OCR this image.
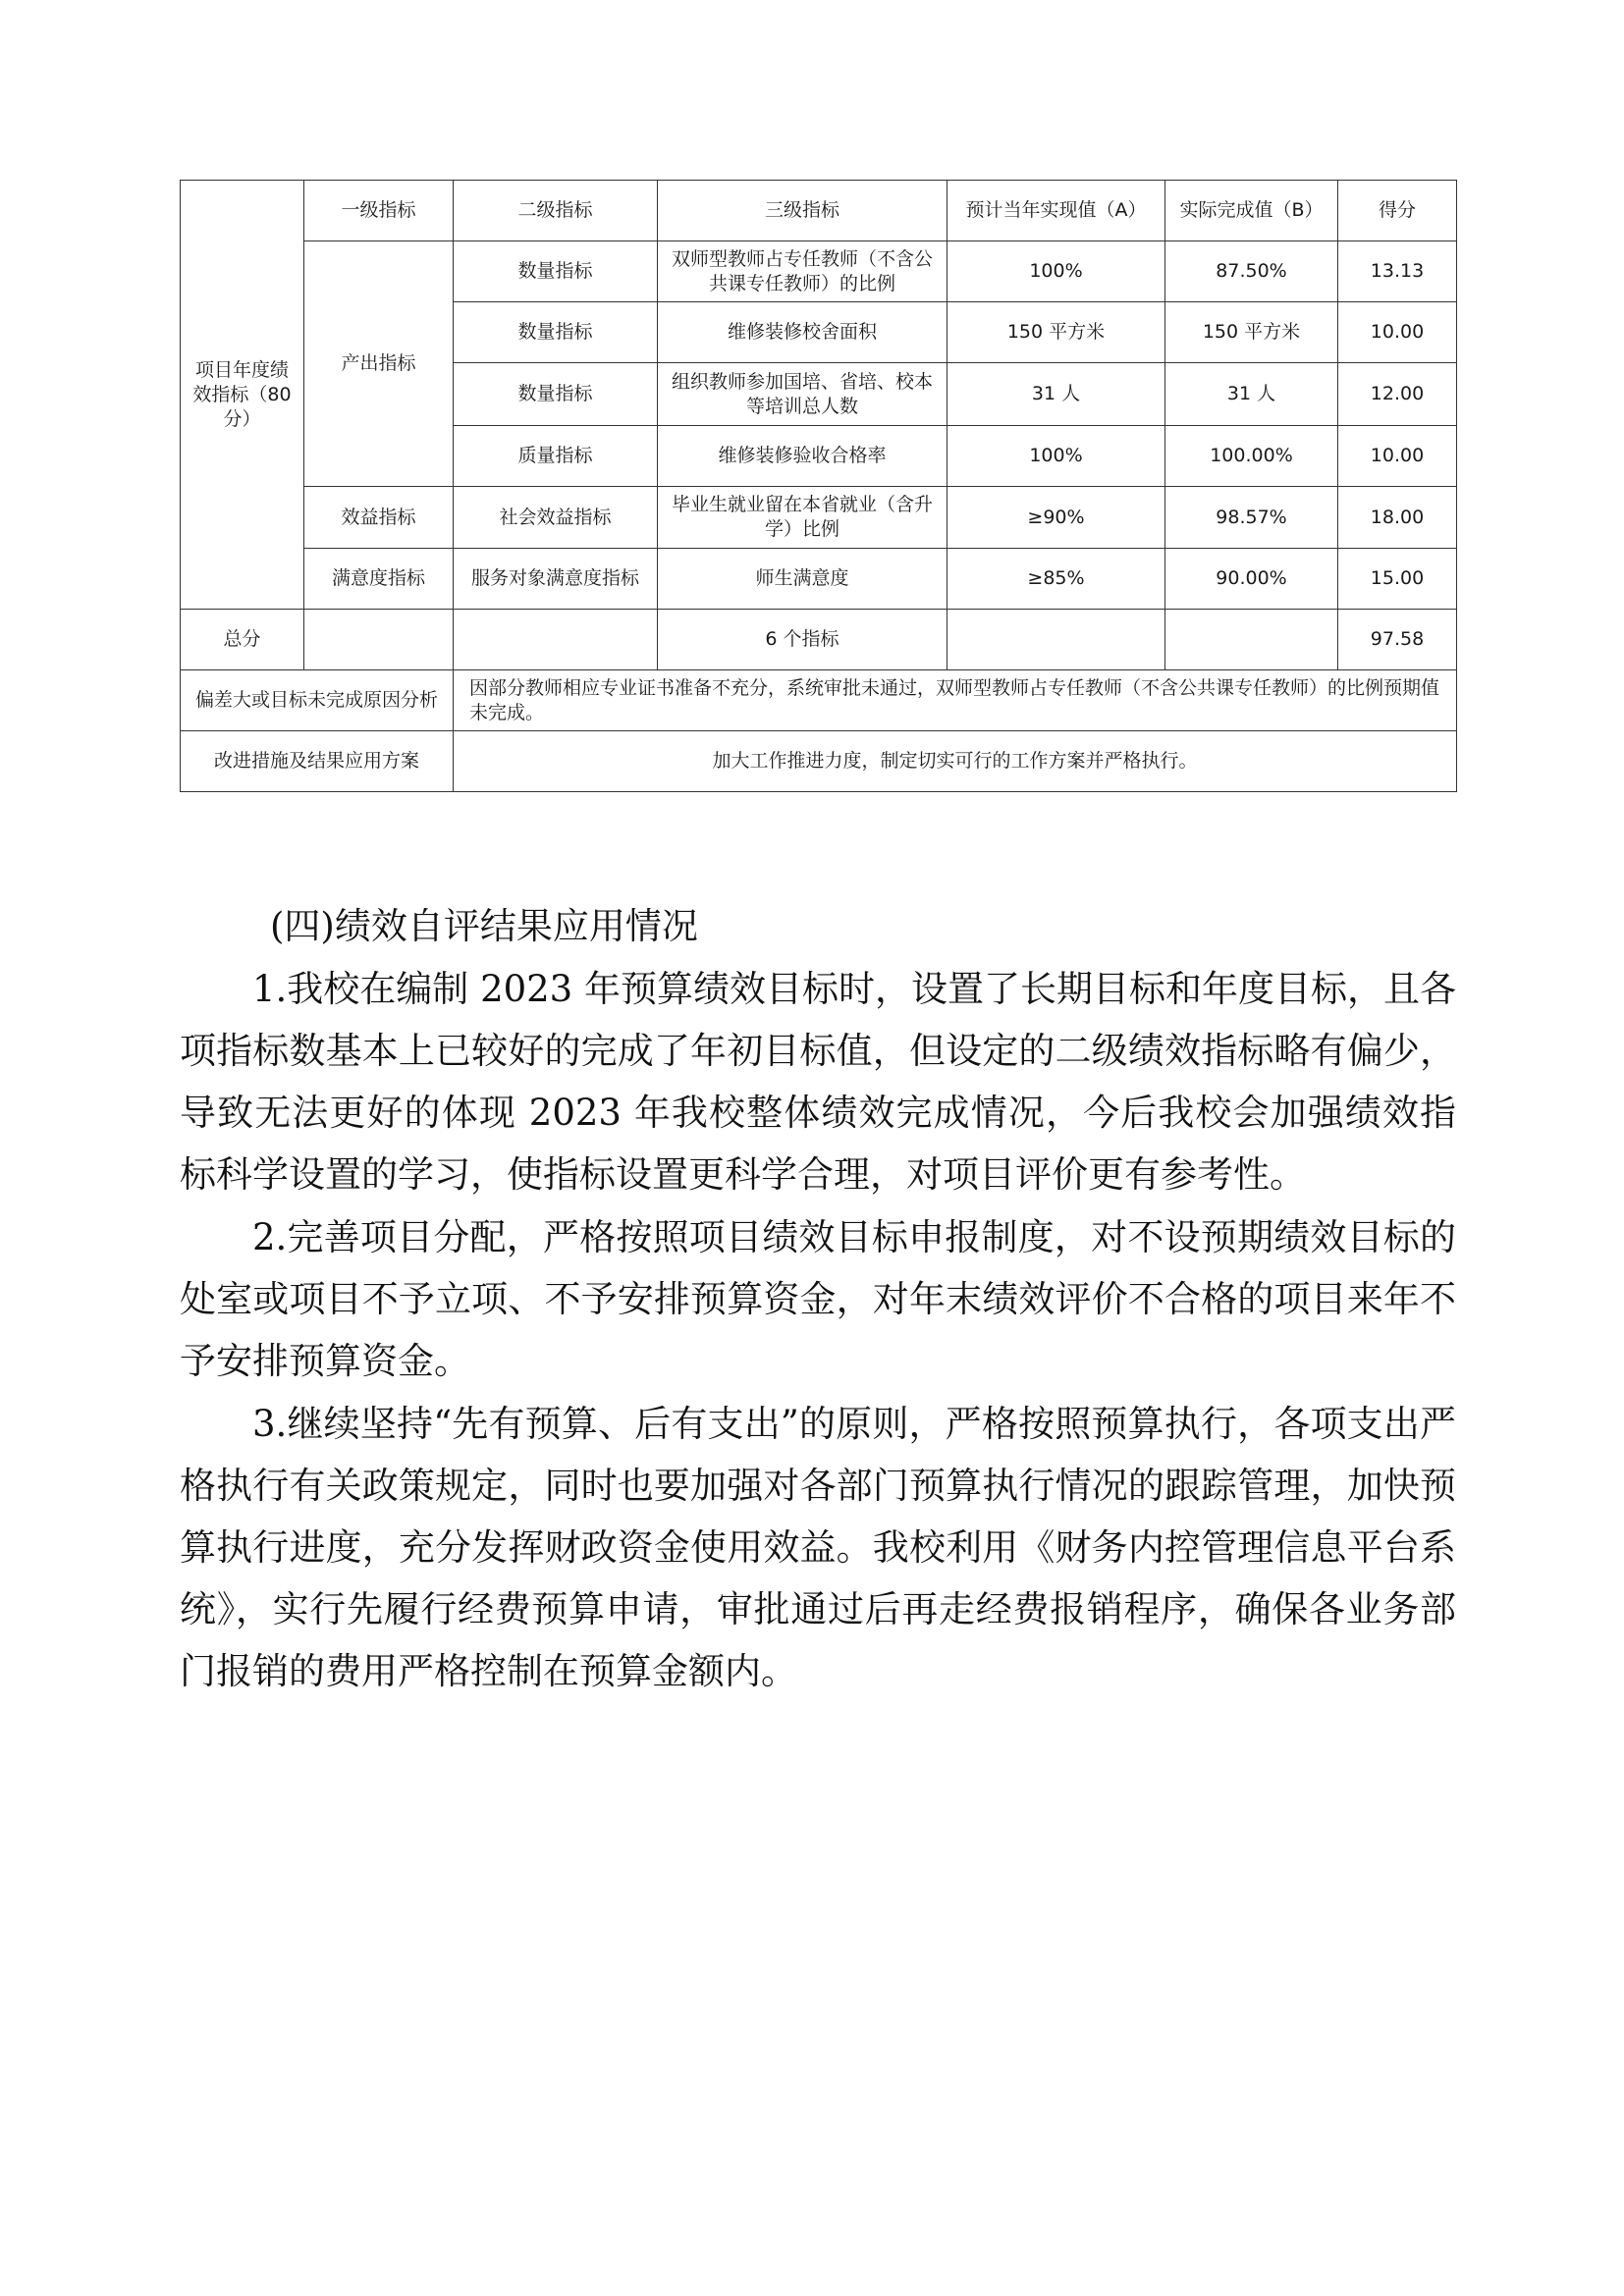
项目年度绩效指标（80分）	一级指标	二级指标	三级指标	预计当年实现值（A）	实际完成值（B）	得分
	产出指标	数量指标	双师型教师占专任教师（不含公共课专任教师）的比例	100%	87.50%	13.13
		数量指标	维修装修校舍面积	150 平方米	150 平方米	10.00
		数量指标	组织教师参加国培、省培、校本等培训总人数	31 人	31 人	12.00
		质量指标	维修装修验收合格率	100%	100.00%	10.00
	效益指标	社会效益指标	毕业生就业留在本省就业（含升学）比例	≥90%	98.57%	18.00
	满意度指标	服务对象满意度指标	师生满意度	≥85%	90.00%	15.00
总分			6 个指标			97.58
偏差大或目标未完成原因分析		因部分教师相应专业证书准备不充分，系统审批未通过，双师型教师占专任教师（不含公共课专任教师）的比例预期值未完成。				
改进措施及结果应用方案		加大工作推进力度，制定切实可行的工作方案并严格执行。				
(四)绩效自评结果应用情况

1.我校在编制 2023 年预算绩效目标时，设置了长期目标和年度目标，且各项指标数基本上已较好的完成了年初目标值，但设定的二级绩效指标略有偏少，导致无法更好的体现 2023 年我校整体绩效完成情况，今后我校会加强绩效指标科学设置的学习，使指标设置更科学合理，对项目评价更有参考性。

2.完善项目分配，严格按照项目绩效目标申报制度，对不设预期绩效目标的处室或项目不予立项、不予安排预算资金，对年末绩效评价不合格的项目来年不予安排预算资金。

3.继续坚持“先有预算、后有支出”的原则，严格按照预算执行，各项支出严格执行有关政策规定，同时也要加强对各部门预算执行情况的跟踪管理，加快预算执行进度，充分发挥财政资金使用效益。我校利用《财务内控管理信息平台系统》，实行先履行经费预算申请，审批通过后再走经费报销程序，确保各业务部门报销的费用严格控制在预算金额内。
